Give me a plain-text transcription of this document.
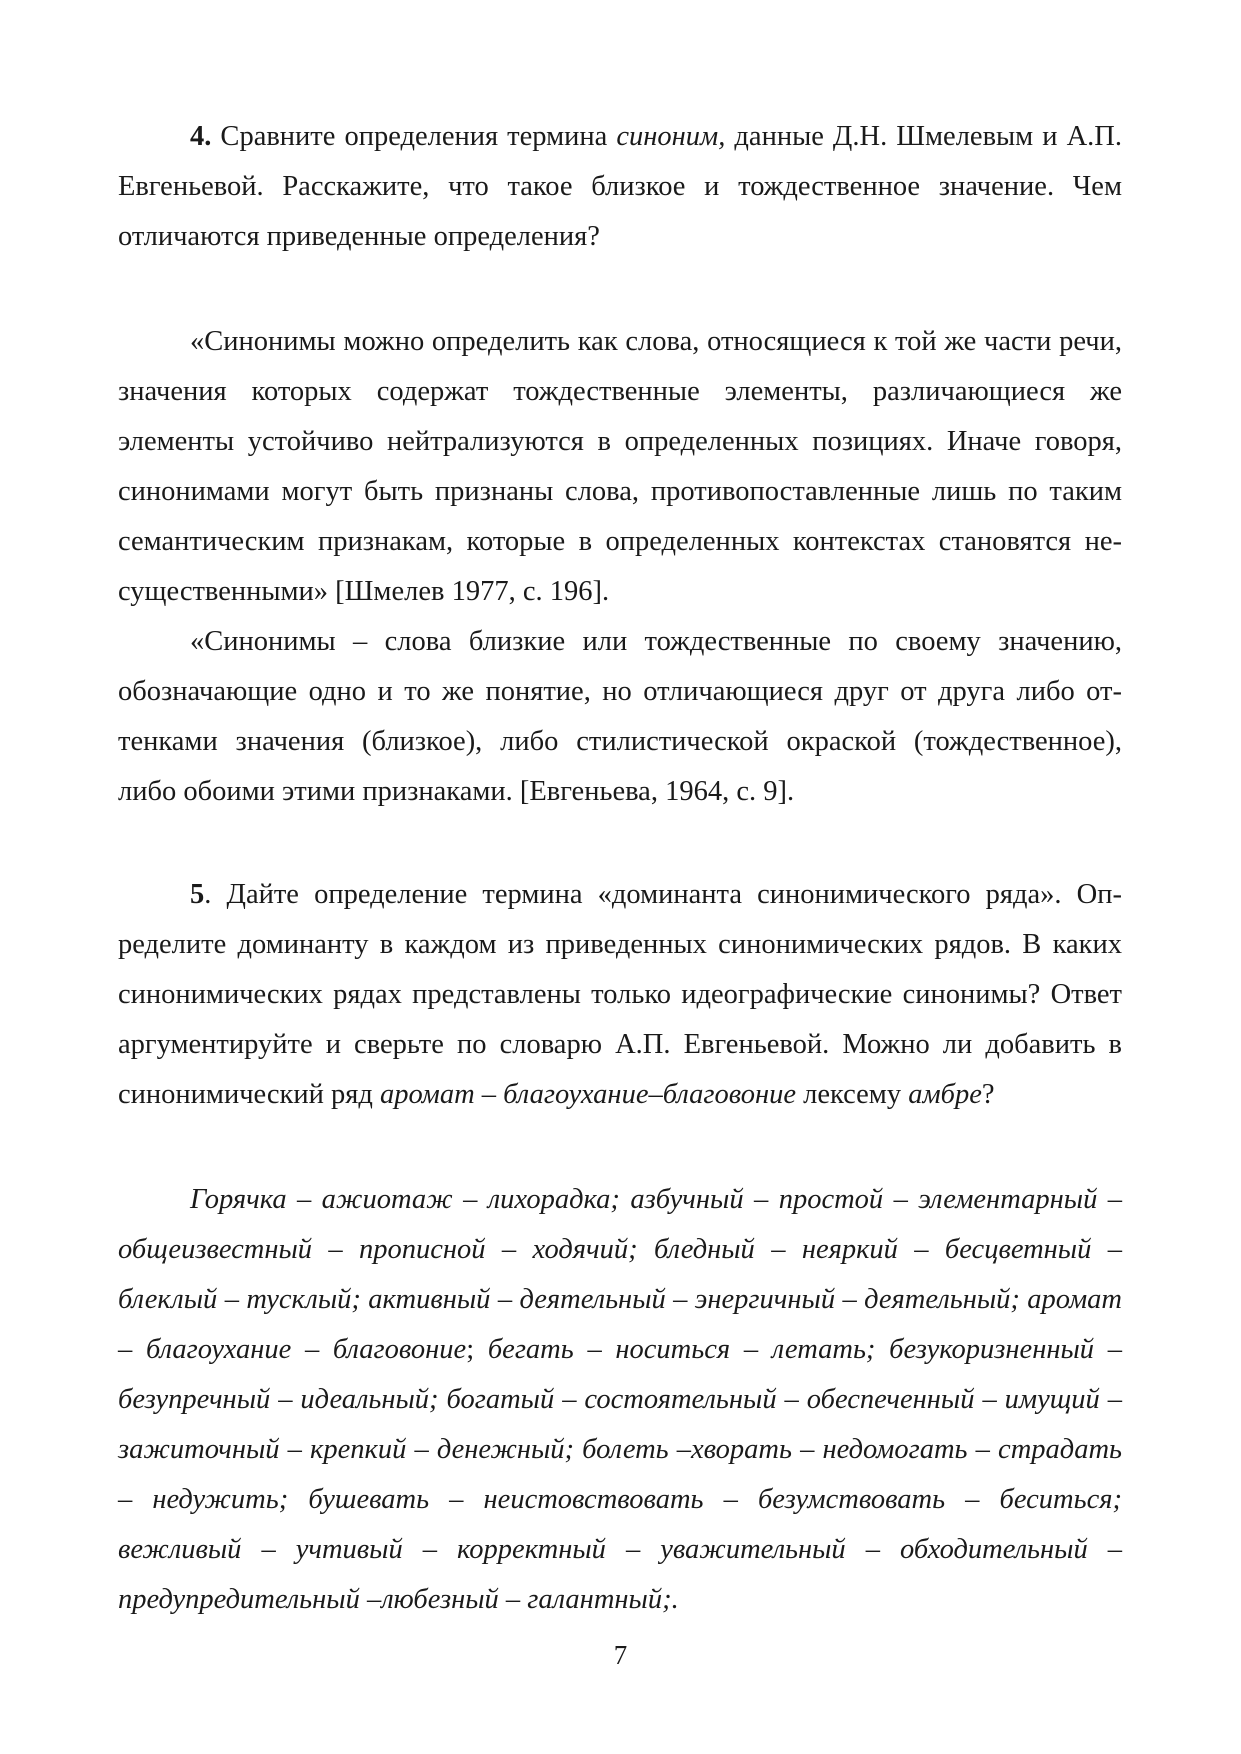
4. Сравните определения термина синоним, данные Д.Н. Шмелевым и А.П. Евгеньевой. Расскажите, что такое близкое и тождественное значение. Чем отличаются приведенные определения?

«Синонимы можно определить как слова, относящиеся к той же части речи, значения которых содержат тождественные элементы, различающиеся же элементы устойчиво нейтрализуются в определенных позициях. Иначе говоря, синонимами могут быть признаны слова, противопоставленные лишь по таким семантическим признакам, которые в определенных контекстах становятся несущественными» [Шмелев 1977, с. 196].

«Синонимы – слова близкие или тождественные по своему значению, обозначающие одно и то же понятие, но отличающиеся друг от друга либо оттенками значения (близкое), либо стилистической окраской (тождественное), либо обоими этими признаками. [Евгеньева, 1964, с. 9].

5. Дайте определение термина «доминанта синонимического ряда». Определите доминанту в каждом из приведенных синонимических рядов. В каких синонимических рядах представлены только идеографические синонимы? Ответ аргументируйте и сверьте по словарю А.П. Евгеньевой. Можно ли добавить в синонимический ряд аромат – благоухание–благовоние лексему амбре?

Горячка – ажиотаж – лихорадка; азбучный – простой – элементарный – общеизвестный – прописной – ходячий; бледный – неяркий – бесцветный – блеклый – тусклый; активный – деятельный – энергичный – деятельный; аромат – благоухание – благовоние; бегать – носиться – летать; безукоризненный – безупречный – идеальный; богатый – состоятельный – обеспеченный – имущий – зажиточный – крепкий – денежный; болеть –хворать – недомогать – страдать – недужить; бушевать – неистовствовать – безумствовать – беситься; вежливый – учтивый – корректный – уважительный – обходительный – предупредительный –любезный – галантный;.

7
